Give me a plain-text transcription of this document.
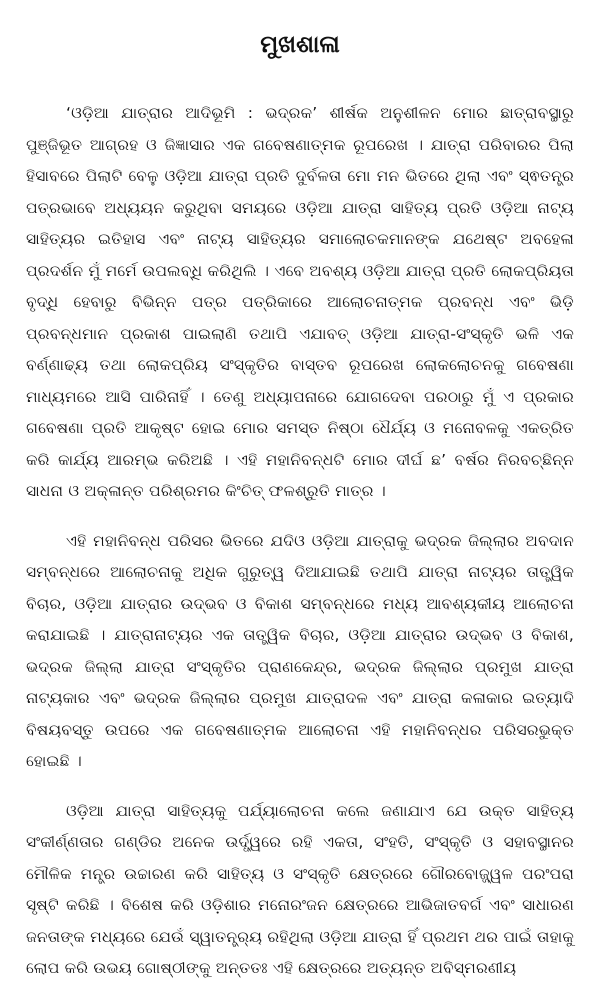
ମୁଖଶାଳା

‘ଓଡ଼ିଆ ଯାତ୍ରାର ଆଦିଭୂମି : ଭଦ୍ରକ’ ଶୀର୍ଷକ ଅନୁଶୀଳନ ମୋର ଛାତ୍ରାବସ୍ଥାରୁ ପୁଞ୍ଜିଭୂତ ଆଗ୍ରହ ଓ ଜିଜ୍ଞାସାର ଏକ ଗବେଷଣାତ୍ମକ ରୂପରେଖ । ଯାତ୍ରା ପରିବାରର ପିଲା ହିସାବରେ ପିଲାଟି ବେଳୁ ଓଡ଼ିଆ ଯାତ୍ରା ପ୍ରତି ଦୁର୍ବଳତା ମୋ ମନ ଭିତରେ ଥିଲା ଏବଂ ସ୍ଵତନ୍ତ୍ର ପତ୍ରଭାବେ ଅଧ୍ୟୟନ କରୁଥିବା ସମୟରେ ଓଡ଼ିଆ ଯାତ୍ରା ସାହିତ୍ୟ ପ୍ରତି ଓଡ଼ିଆ ନାଟ୍ୟ ସାହିତ୍ୟର ଇତିହାସ ଏବଂ ନାଟ୍ୟ ସାହିତ୍ୟର ସମାଲୋଚକମାନଙ୍କ ଯଥେଷ୍ଟ ଅବହେଳା ପ୍ରଦର୍ଶନ ମୁଁ ମର୍ମେ ଉପଲବ୍ଧି କରିଥିଲି । ଏବେ ଅବଶ୍ୟ ଓଡ଼ିଆ ଯାତ୍ରା ପ୍ରତି ଲୋକପ୍ରିୟତା ବୃଦ୍ଧି ହେବାରୁ ବିଭିନ୍ନ ପତ୍ର ପତ୍ରିକାରେ ଆଲୋଚନାତ୍ମକ ପ୍ରବନ୍ଧ ଏବଂ ଭିଡ଼ି ପ୍ରବନ୍ଧମାନ ପ୍ରକାଶ ପାଇଲାଣି ତଥାପି ଏଯାବତ୍ ଓଡ଼ିଆ ଯାତ୍ରା-ସଂସ୍କୃତି ଭଳି ଏକ ବର୍ଣ୍ଣାଢ୍ୟ ତଥା ଲୋକପ୍ରିୟ ସଂସ୍କୃତିର ବାସ୍ତବ ରୂପରେଖ ଲୋକଲୋଚନକୁ ଗବେଷଣା ମାଧ୍ୟମରେ ଆସି ପାରିନାହିଁ । ତେଣୁ ଅଧ୍ୟାପନାରେ ଯୋଗଦେବା ପରଠାରୁ ମୁଁ ଏ ପ୍ରକାର ଗବେଷଣା ପ୍ରତି ଆକୃଷ୍ଟ ହୋଇ ମୋର ସମସ୍ତ ନିଷ୍ଠା ଧୈର୍ଯ୍ୟ ଓ ମନୋବଳକୁ ଏକତ୍ରିତ କରି କାର୍ଯ୍ୟ ଆରମ୍ଭ କରିଅଛି । ଏହି ମହାନିବନ୍ଧଟି ମୋର ଦୀର୍ଘ ଛ’ ବର୍ଷର ନିରବଚ୍ଛିନ୍ନ ସାଧନା ଓ ଅକ୍ଳାନ୍ତ ପରିଶ୍ରମର କିଂଚିତ୍ ଫଳଶ୍ରୁତି ମାତ୍ର ।

ଏହି ମହାନିବନ୍ଧ ପରିସର ଭିତରେ ଯଦିଓ ଓଡ଼ିଆ ଯାତ୍ରାକୁ ଭଦ୍ରକ ଜିଲ୍ଲାର ଅବଦାନ ସମ୍ବନ୍ଧରେ ଆଲୋଚନାକୁ ଅଧିକ ଗୁରୁତ୍ୱ ଦିଆଯାଇଛି ତଥାପି ଯାତ୍ରା ନାଟ୍ୟର ତାତ୍ତ୍ୱିକ ବିଚାର, ଓଡ଼ିଆ ଯାତ୍ରାର ଉଦ୍ଭବ ଓ ବିକାଶ ସମ୍ବନ୍ଧରେ ମଧ୍ୟ ଆବଶ୍ୟକୀୟ ଆଲୋଚନା କରାଯାଇଛି । ଯାତ୍ରାନାଟ୍ୟର ଏକ ତାତ୍ତ୍ୱିକ ବିଚାର, ଓଡ଼ିଆ ଯାତ୍ରାର ଉଦ୍ଭବ ଓ ବିକାଶ, ଭଦ୍ରକ ଜିଲ୍ଲା ଯାତ୍ରା ସଂସ୍କୃତିର ପ୍ରାଣକେନ୍ଦ୍ର, ଭଦ୍ରକ ଜିଲ୍ଲାର ପ୍ରମୁଖ ଯାତ୍ରା ନାଟ୍ୟକାର ଏବଂ ଭଦ୍ରକ ଜିଲ୍ଲାର ପ୍ରମୁଖ ଯାତ୍ରାଦଳ ଏବଂ ଯାତ୍ରା କଳାକାର ଇତ୍ୟାଦି ବିଷୟବସ୍ତୁ ଉପରେ ଏକ ଗବେଷଣାତ୍ମକ ଆଲୋଚନା ଏହି ମହାନିବନ୍ଧର ପରିସରଭୁକ୍ତ ହୋଇଛି ।

ଓଡ଼ିଆ ଯାତ୍ରା ସାହିତ୍ୟକୁ ପର୍ଯ୍ୟାଲୋଚନା କଲେ ଜଣାଯାଏ ଯେ ଉକ୍ତ ସାହିତ୍ୟ ସଂକୀର୍ଣ୍ଣତାର ଗଣ୍ଡିର ଅନେକ ଉର୍ଦ୍ଧ୍ୱରେ ରହି ଏକତା, ସଂହତି, ସଂସ୍କୃତି ଓ ସହାବସ୍ଥାନର ମୌଳିକ ମନ୍ତ୍ର ଉଚ୍ଚାରଣ କରି ସାହିତ୍ୟ ଓ ସଂସ୍କୃତି କ୍ଷେତ୍ରରେ ଗୌରବୋଜ୍ଜ୍ୱଳ ପରଂପରା ସୃଷ୍ଟି କରିଛି । ବିଶେଷ କରି ଓଡ଼ିଶାର ମନୋରଂଜନ କ୍ଷେତ୍ରରେ ଆଭିଜାତବର୍ଗ ଏବଂ ସାଧାରଣ ଜନତାଙ୍କ ମଧ୍ୟରେ ଯେଉଁ ସ୍ୱାତନ୍ତ୍ର୍ୟ ରହିଥିଲା ଓଡ଼ିଆ ଯାତ୍ରା ହିଁ ପ୍ରଥମ ଥର ପାଇଁ ତାହାକୁ ଲୋପ କରି ଉଭୟ ଗୋଷ୍ଠୀଙ୍କୁ ଅନ୍ତତଃ ଏହି କ୍ଷେତ୍ରରେ ଅତ୍ୟନ୍ତ ଅବିସ୍ମରଣୀୟ
